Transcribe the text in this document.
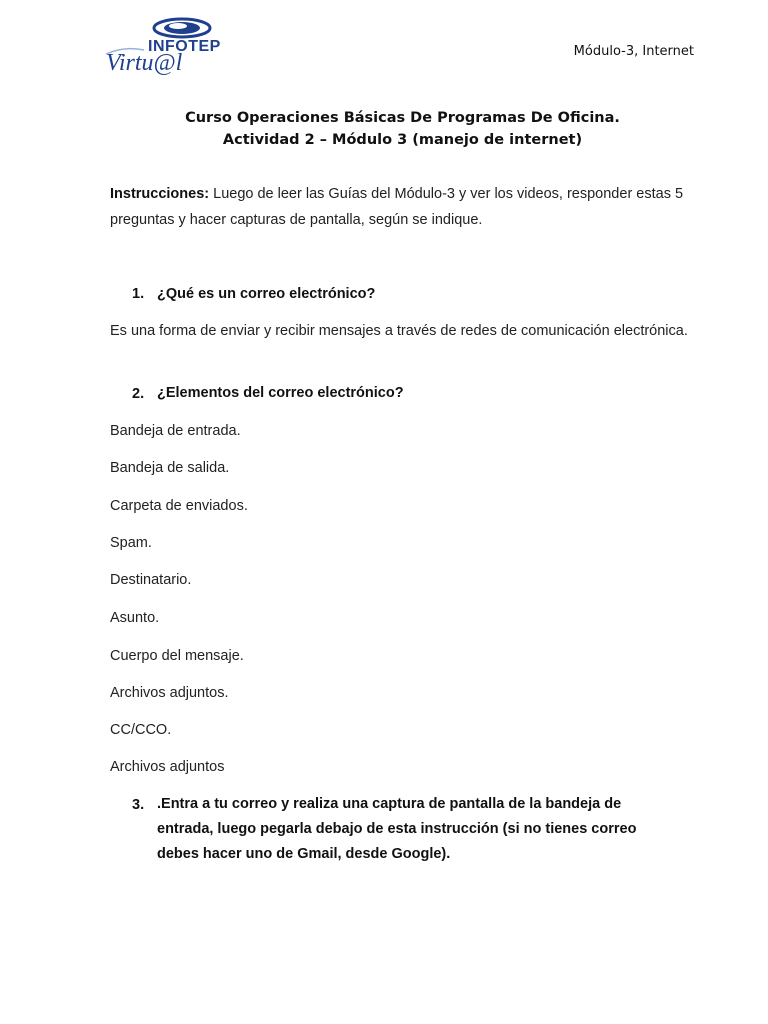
INFOTEP
Virtu@l	Módulo-3, Internet
Curso Operaciones Básicas De Programas De Oficina.
Actividad 2 – Módulo 3 (manejo de internet)
Instrucciones: Luego de leer las Guías del Módulo-3 y ver los videos, responder estas 5 preguntas y hacer capturas de pantalla, según se indique.
1. ¿Qué es un correo electrónico?
Es una forma de enviar y recibir mensajes a través de redes de comunicación electrónica.
2. ¿Elementos del correo electrónico?
Bandeja de entrada.
Bandeja de salida.
Carpeta de enviados.
Spam.
Destinatario.
Asunto.
Cuerpo del mensaje.
Archivos adjuntos.
CC/CCO.
Archivos adjuntos
3. .Entra a tu correo y realiza una captura de pantalla de la bandeja de entrada, luego pegarla debajo de esta instrucción (si no tienes correo debes hacer uno de Gmail, desde Google).
